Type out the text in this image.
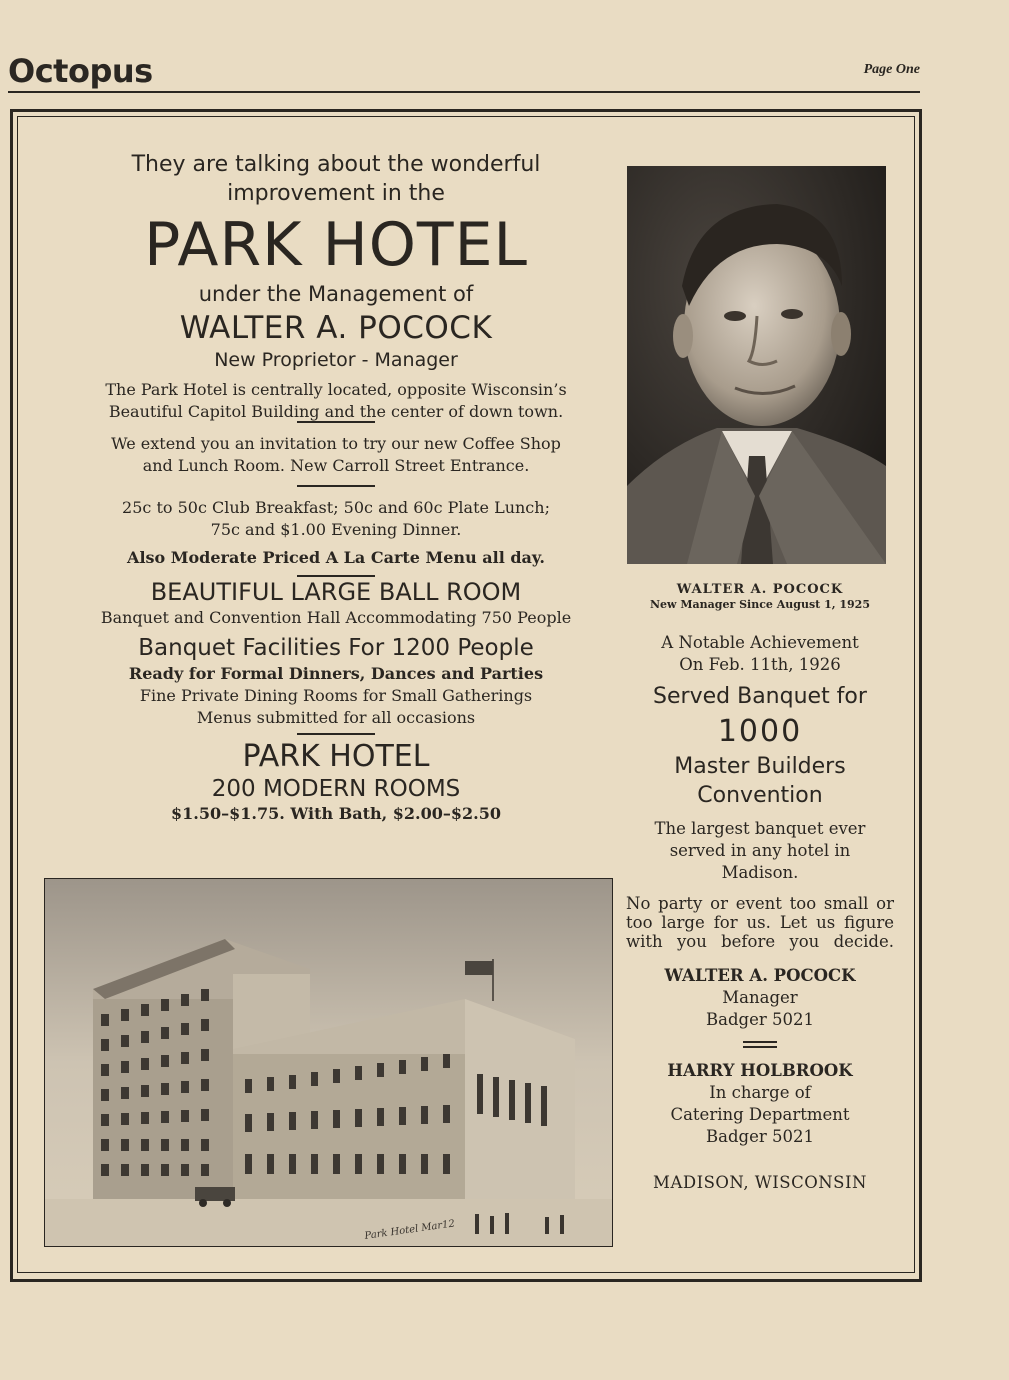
Octopus	Page One
They are talking about the wonderful
improvement in the
PARK HOTEL
under the Management of
WALTER A. POCOCK
New Proprietor - Manager
The Park Hotel is centrally located, opposite Wisconsin’s
Beautiful Capitol Building and the center of down town.
We extend you an invitation to try our new Coffee Shop
and Lunch Room. New Carroll Street Entrance.
25c to 50c Club Breakfast; 50c and 60c Plate Lunch;
75c and $1.00 Evening Dinner.
Also Moderate Priced A La Carte Menu all day.
BEAUTIFUL LARGE BALL ROOM
Banquet and Convention Hall Accommodating 750 People
Banquet Facilities For 1200 People
Ready for Formal Dinners, Dances and Parties
Fine Private Dining Rooms for Small Gatherings
Menus submitted for all occasions
PARK HOTEL
200 MODERN ROOMS
$1.50–$1.75. With Bath, $2.00–$2.50
Park Hotel Mar12
WALTER A. POCOCK
New Manager Since August 1, 1925
A Notable Achievement
On Feb. 11th, 1926
Served Banquet for
1000
Master Builders
Convention
The largest banquet ever
served in any hotel in
Madison.
No party or event too small or
too large for us. Let us figure
with you before you decide.
WALTER A. POCOCK
Manager
Badger 5021
HARRY HOLBROOK
In charge of
Catering Department
Badger 5021
MADISON, WISCONSIN
